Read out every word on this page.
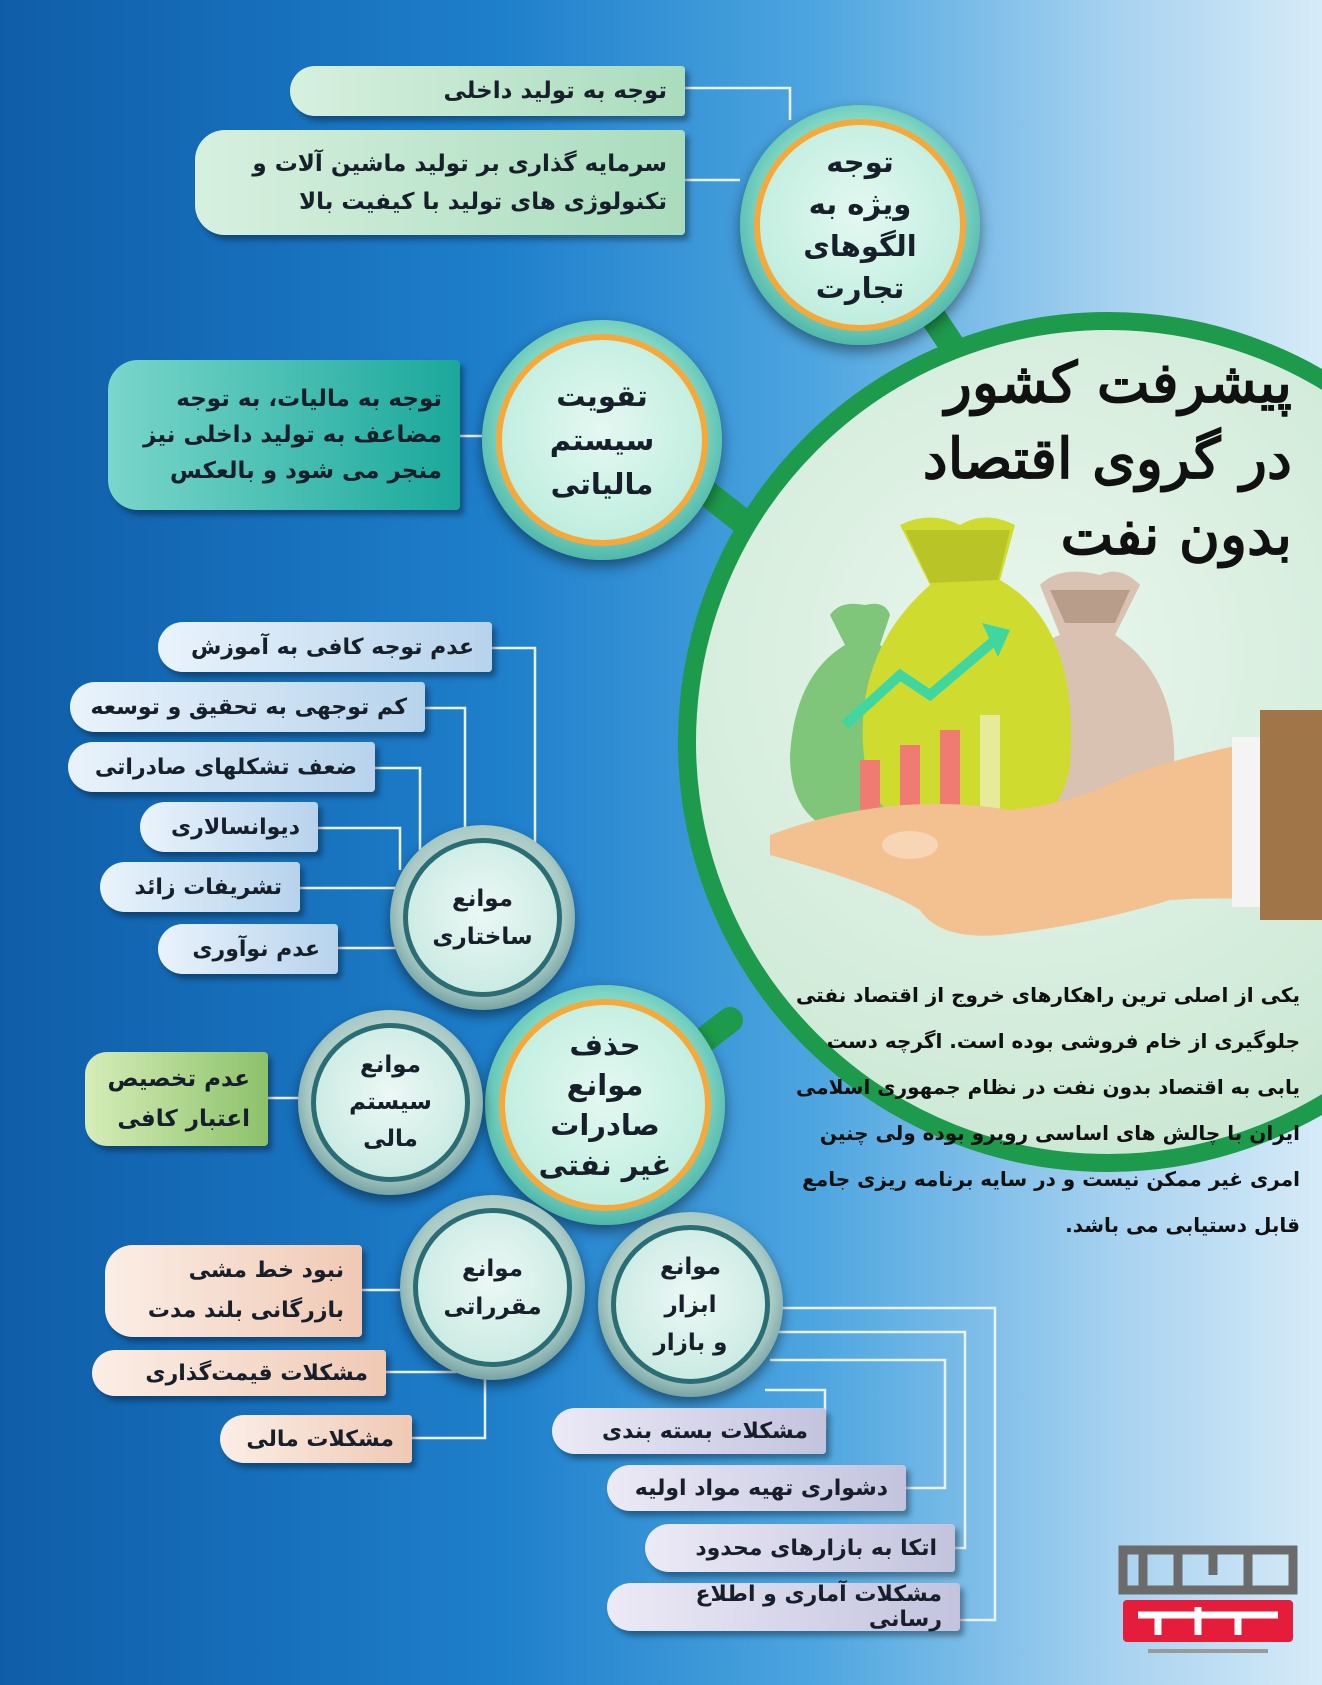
پیشرفت کشور
در گروی اقتصاد
بدون نفت
یکی از اصلی ترین راهکارهای خروج از اقتصاد نفتی جلوگیری از خام فروشی بوده است. اگرچه دست یابی به اقتصاد بدون نفت در نظام جمهوری اسلامی ایران با چالش های اساسی روبرو بوده ولی چنین امری غیر ممکن نیست و در سایه برنامه ریزی جامع قابل دستیابی می باشد.
توجه
ویژه به
الگوهای
تجارت
توجه به تولید داخلی
سرمایه گذاری بر تولید ماشین آلات و تکنولوژی های تولید با کیفیت بالا
تقویت
سیستم
مالیاتی
توجه به مالیات، به توجه مضاعف به تولید داخلی نیز منجر می شود و بالعکس
موانع
ساختاری
عدم توجه کافی به آموزش
کم توجهی به تحقیق و توسعه
ضعف تشکلهای صادراتی
دیوانسالاری
تشریفات زائد
عدم نوآوری
حذف
موانع
صادرات
غیر نفتی
موانع
سیستم
مالی
عدم تخصیص اعتبار کافی
موانع
مقرراتی
نبود خط مشی بازرگانی بلند مدت
مشکلات قیمت‌گذاری
مشکلات مالی
موانع
ابزار
و بازار
مشکلات بسته بندی
دشواری تهیه مواد اولیه
اتکا به بازارهای محدود
مشکلات آماری و اطلاع رسانی
